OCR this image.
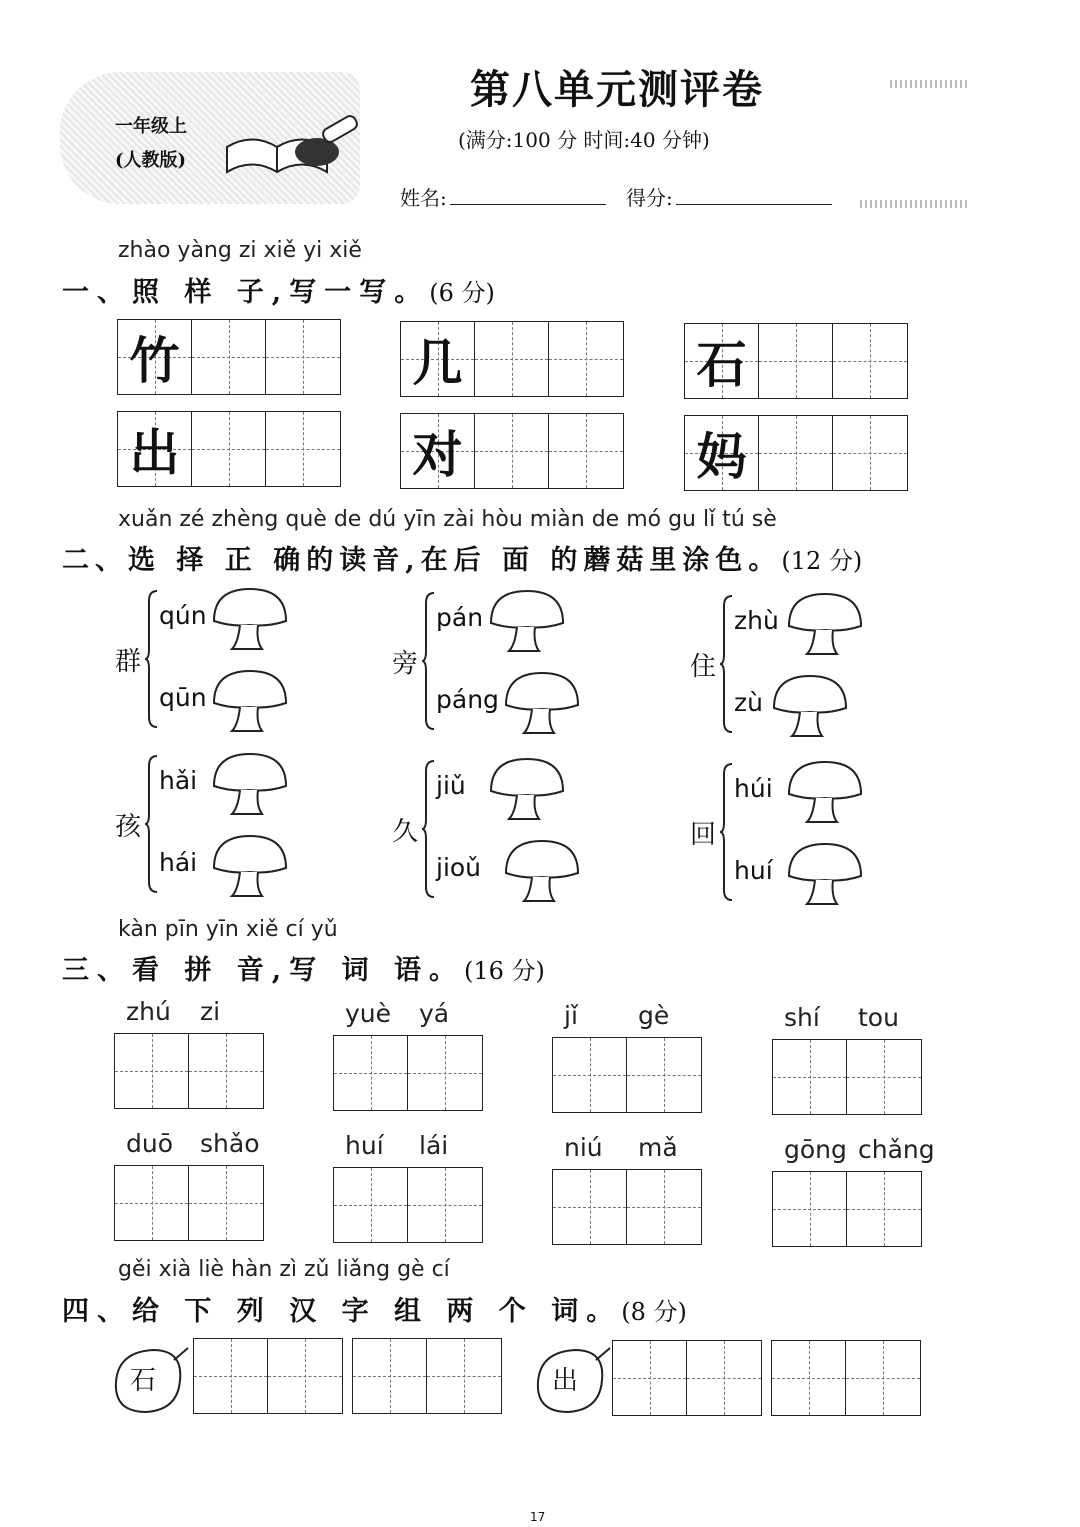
一年级上
(人教版)
第八单元测评卷
(满分:100 分 时间:40 分钟)
姓名:	得分:
zhào yàng zi xiě yi xiě
一、照 样 子,写一写。(6 分)
竹	几	石
出	对	妈
xuǎn zé zhèng què de dú yīn zài hòu miàn de mó gu lǐ tú sè
二、选 择 正 确的读音,在后 面 的蘑菇里涂色。(12 分)
群
qún
qūn
旁
pán
páng
住
zhù
zù
孩
hǎi
hái
久
jiǔ
jioǔ
回
húi
huí
kàn pīn yīn xiě cí yǔ
三、看 拼 音,写 词 语。(16 分)
zhú zi	yuè yá	jǐ gè	shí tou
duō shǎo	huí lái	niú mǎ	gōng chǎng
gěi xià liè hàn zì zǔ liǎng gè cí
四、给 下 列 汉 字 组 两 个 词。(8 分)
石	出
17
